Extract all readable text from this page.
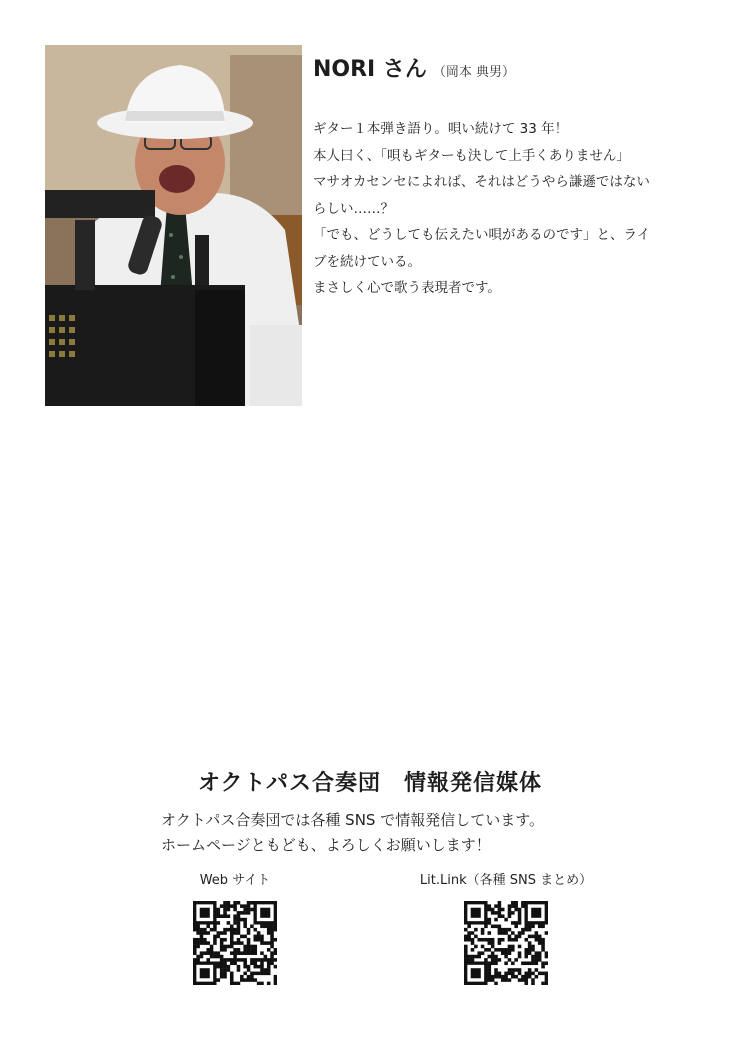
NORI さん （岡本 典男）
ギター１本弾き語り。唄い続けて 33 年！
本人曰く、「唄もギターも決して上手くありません」
マサオカセンセによれば、それはどうやら謙遜ではない
らしい……？
「でも、どうしても伝えたい唄があるのです」と、ライ
ブを続けている。
まさしく心で歌う表現者です。
オクトパス合奏団　情報発信媒体
オクトパス合奏団では各種 SNS で情報発信しています。
ホームページともども、よろしくお願いします！
Web サイト	Lit.Link（各種 SNS まとめ）
